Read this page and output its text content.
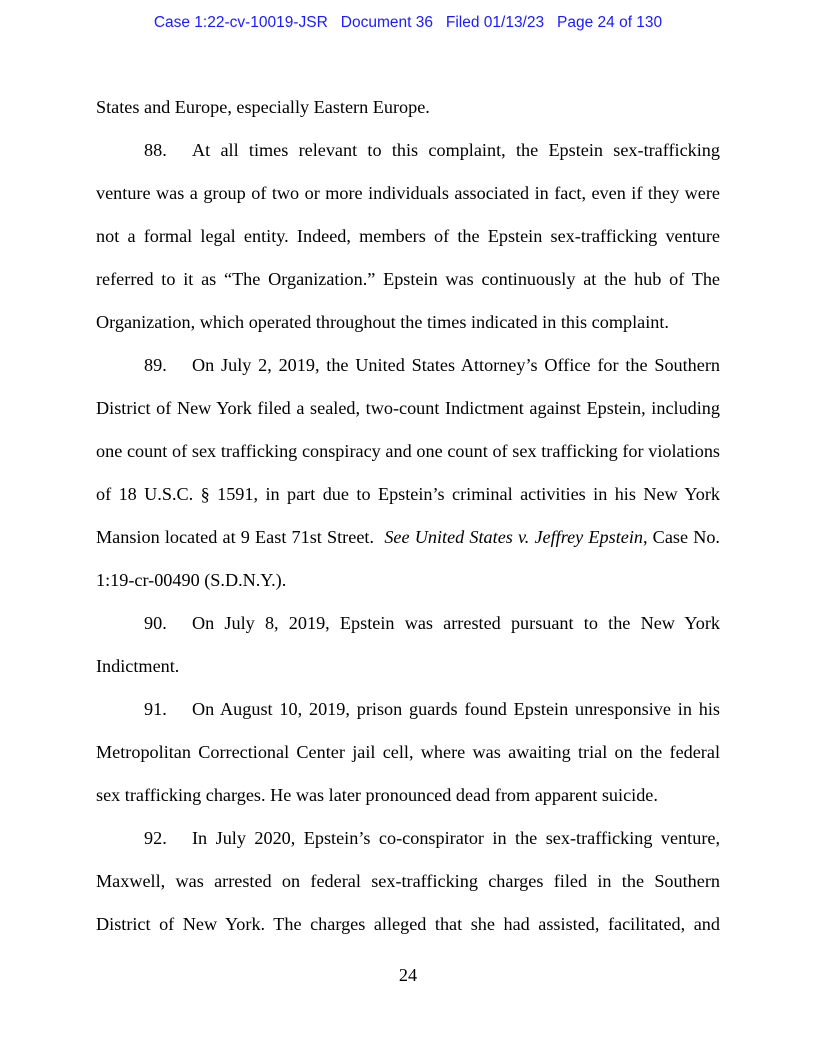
Case 1:22-cv-10019-JSR   Document 36   Filed 01/13/23   Page 24 of 130
States and Europe, especially Eastern Europe.
88. At all times relevant to this complaint, the Epstein sex-trafficking
venture was a group of two or more individuals associated in fact, even if they were
not a formal legal entity. Indeed, members of the Epstein sex-trafficking venture
referred to it as “The Organization.” Epstein was continuously at the hub of The
Organization, which operated throughout the times indicated in this complaint.
89. On July 2, 2019, the United States Attorney’s Office for the Southern
District of New York filed a sealed, two-count Indictment against Epstein, including
one count of sex trafficking conspiracy and one count of sex trafficking for violations
of 18 U.S.C. § 1591, in part due to Epstein’s criminal activities in his New York
Mansion located at 9 East 71st Street.  See United States v. Jeffrey Epstein, Case No.
1:19-cr-00490 (S.D.N.Y.).
90. On July 8, 2019, Epstein was arrested pursuant to the New York
Indictment.
91. On August 10, 2019, prison guards found Epstein unresponsive in his
Metropolitan Correctional Center jail cell, where was awaiting trial on the federal
sex trafficking charges. He was later pronounced dead from apparent suicide.
92. In July 2020, Epstein’s co-conspirator in the sex-trafficking venture,
Maxwell, was arrested on federal sex-trafficking charges filed in the Southern
District of New York. The charges alleged that she had assisted, facilitated, and
24
